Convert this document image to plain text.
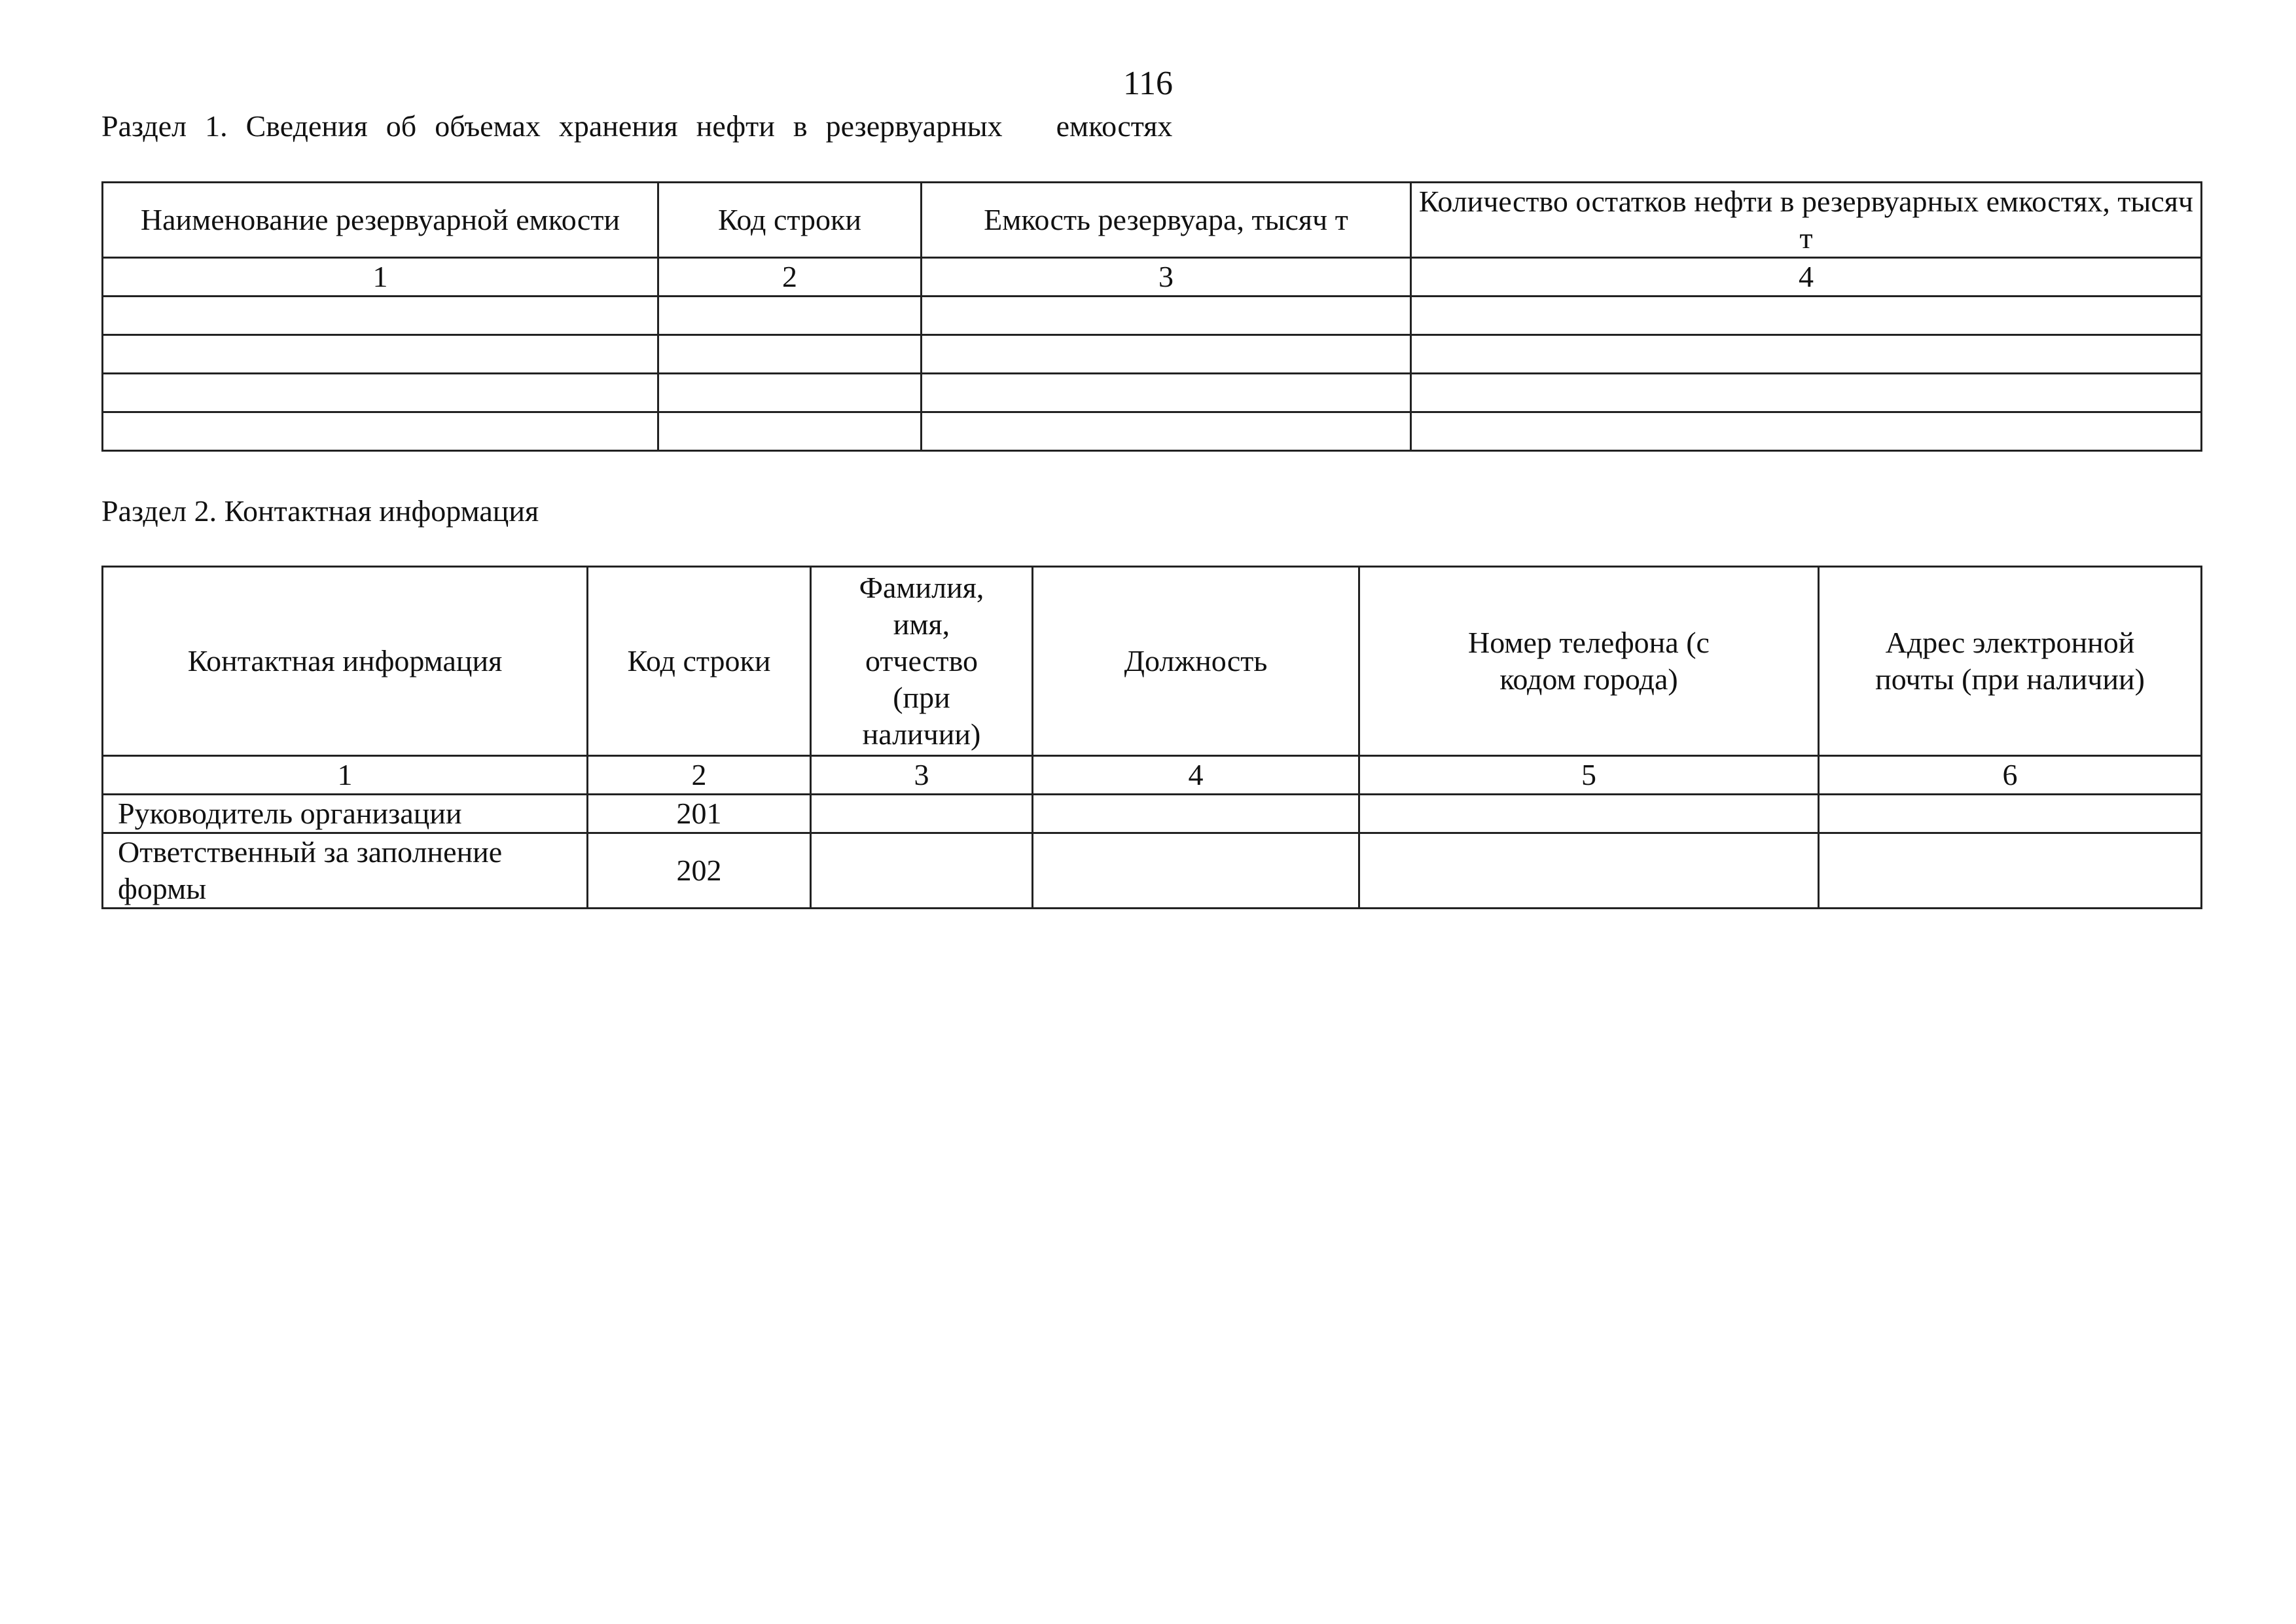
116
Раздел 1. Сведения об объемах хранения нефти в резервуарных емкостях
Наименование резервуарной емкости	Код строки	Емкость резервуара, тысяч т	Количество остатков нефти в резервуарных емкостях, тысяч т
1	2	3	4

Раздел 2. Контактная информация
Контактная информация	Код строки	Фамилия, имя, отчество (при наличии)	Должность	Номер телефона (с кодом города)	Адрес электронной почты (при наличии)
1	2	3	4	5	6
Руководитель организации	201				
Ответственный за заполнение формы	202				
